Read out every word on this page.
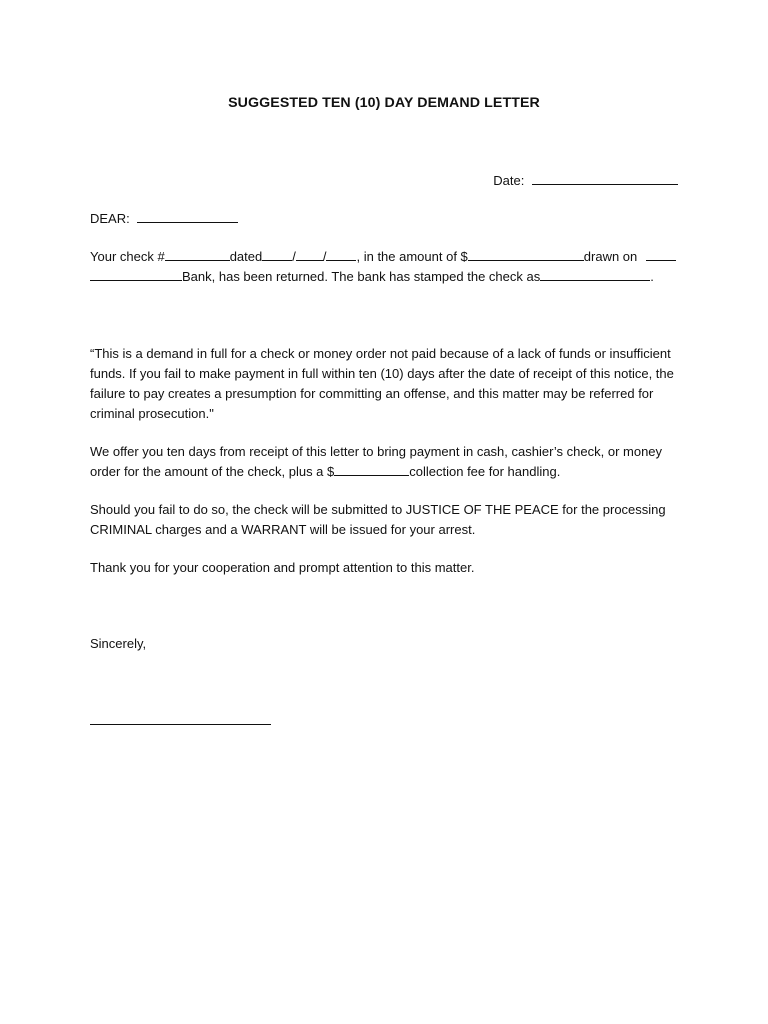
SUGGESTED TEN (10) DAY DEMAND LETTER
Date:
DEAR:
Your check #	dated / / , in the amount of $	drawn on
Bank, has been returned. The bank has stamped the check as	.
“This is a demand in full for a check or money order not paid because of a lack of funds or insufficient funds. If you fail to make payment in full within ten (10) days after the date of receipt of this notice, the failure to pay creates a presumption for committing an offense, and this matter may be referred for criminal prosecution."
We offer you ten days from receipt of this letter to bring payment in cash, cashier’s check, or money order for the amount of the check, plus a $	collection fee for handling.
Should you fail to do so, the check will be submitted to JUSTICE OF THE PEACE for the processing CRIMINAL charges and a WARRANT will be issued for your arrest.
Thank you for your cooperation and prompt attention to this matter.
Sincerely,
